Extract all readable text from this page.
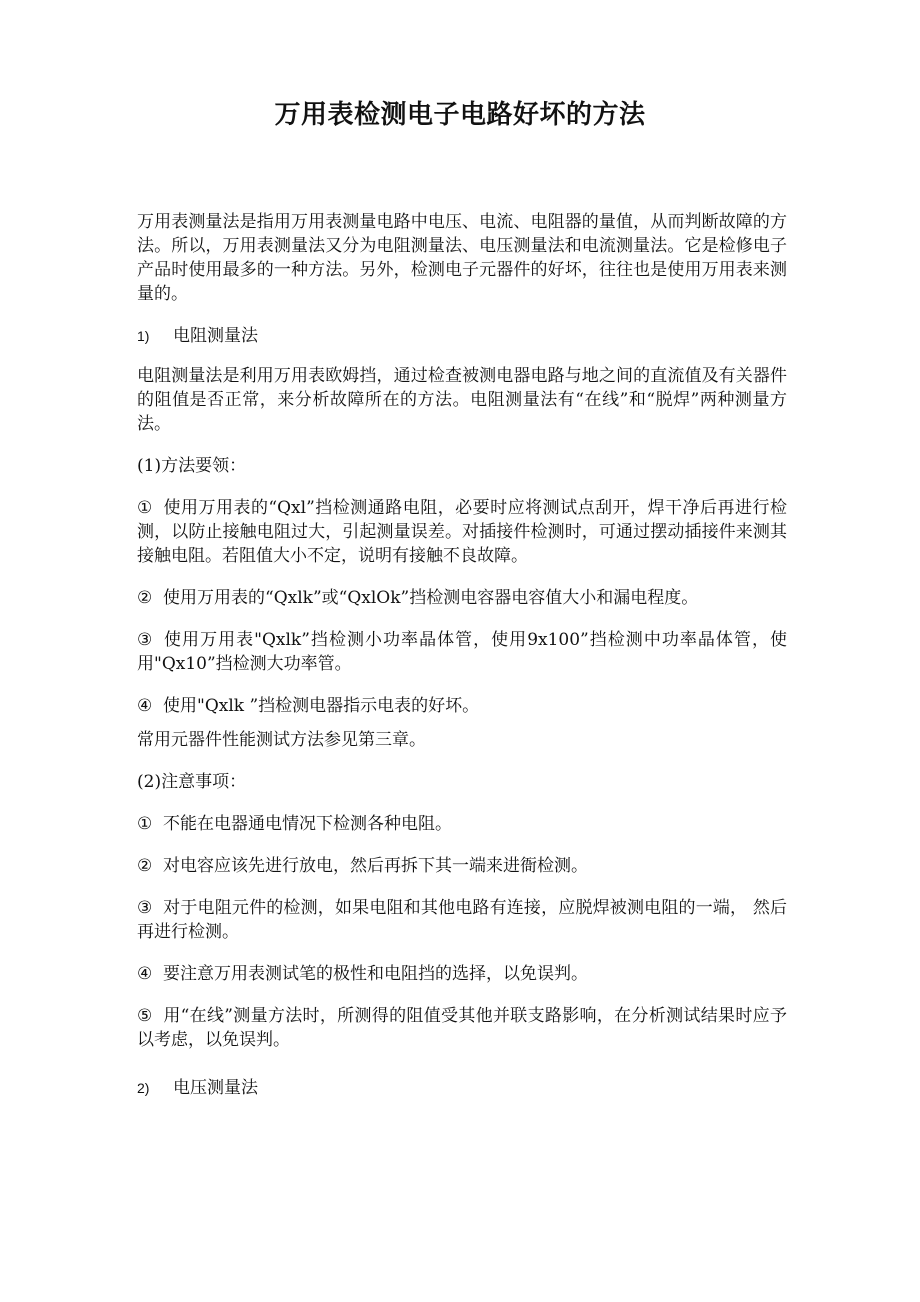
万用表检测电子电路好坏的方法

万用表测量法是指用万用表测量电路中电压、电流、电阻器的量值，从而判断故障的方法。所以，万用表测量法又分为电阻测量法、电压测量法和电流测量法。它是检修电子产品时使用最多的一种方法。另外，检测电子元器件的好坏，往往也是使用万用表来测量的。

1)	电阻测量法

电阻测量法是利用万用表欧姆挡，通过检查被测电器电路与地之间的直流值及有关器件的阻值是否正常，来分析故障所在的方法。电阻测量法有“在线”和“脱焊”两种测量方法。

(1)方法要领：
① 使用万用表的“Qxl”挡检测通路电阻，必要时应将测试点刮开，焊干净后再进行检测，以防止接触电阻过大，引起测量误差。对插接件检测时，可通过摆动插接件来测其接触电阻。若阻值大小不定，说明有接触不良故障。
② 使用万用表的“Qxlk”或“QxlOk”挡检测电容器电容值大小和漏电程度。
③ 使用万用表"Qxlk”挡检测小功率晶体管，使用9x100”挡检测中功率晶体管，使用"Qx10”挡检测大功率管。
④ 使用"Qxlk ”挡检测电器指示电表的好坏。

常用元器件性能测试方法参见第三章。

(2)注意事项：
① 不能在电器通电情况下检测各种电阻。
② 对电容应该先进行放电，然后再拆下其一端来进衙检测。
③ 对于电阻元件的检测，如果电阻和其他电路有连接，应脱焊被测电阻的一端， 然后再进行检测。
④ 要注意万用表测试笔的极性和电阻挡的选择，以免误判。
⑤ 用“在线”测量方法时，所测得的阻值受其他并联支路影响，在分析测试结果时应予以考虑，以免误判。
2)	电压测量法
